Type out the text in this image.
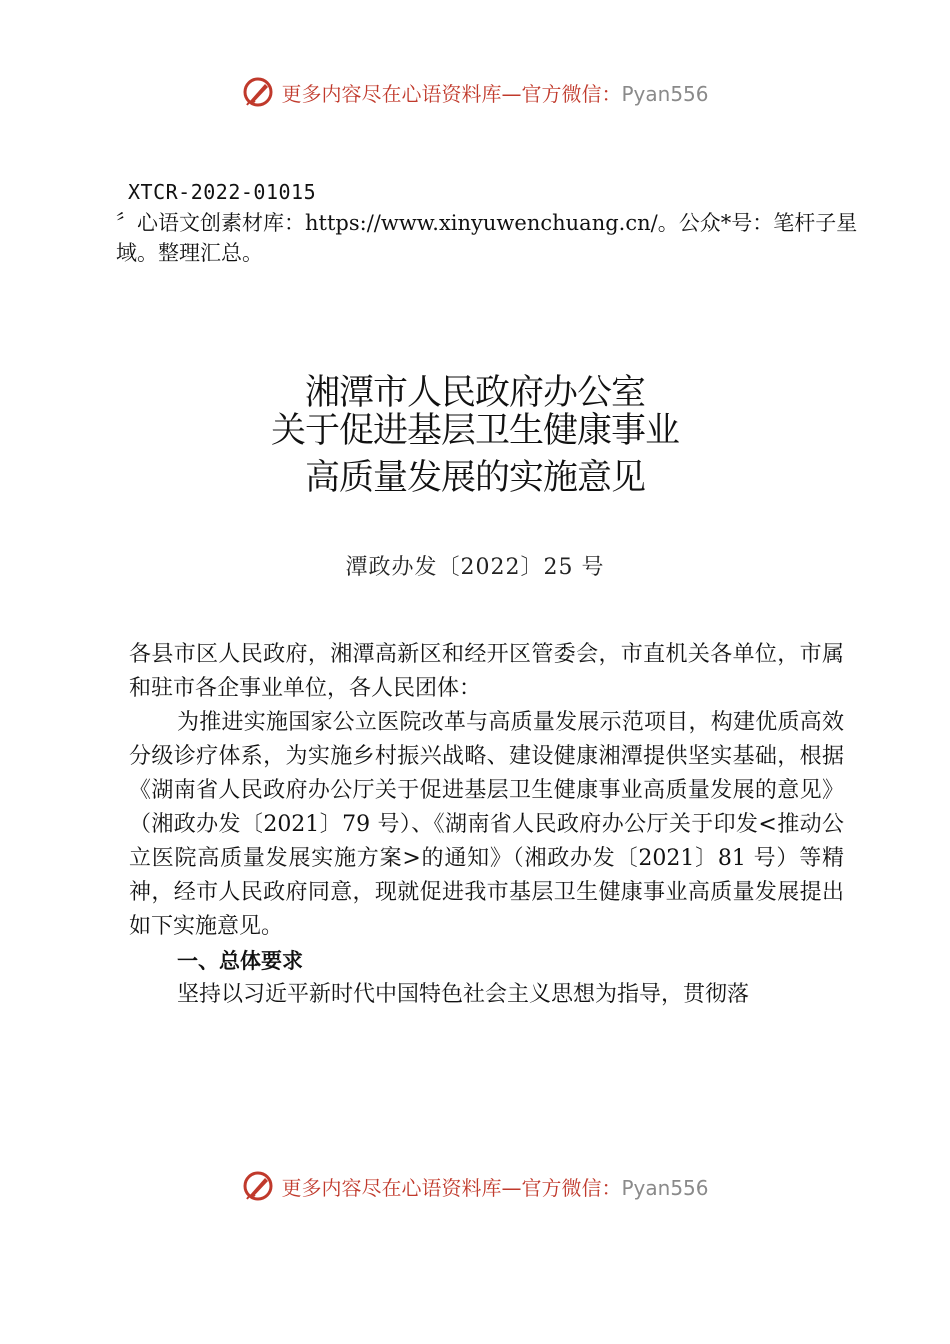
更多内容尽在心语资料库—官方微信：Pyan556
XTCR-2022-01015
〞心语文创素材库：https://www.xinyuwenchuang.cn/。公众*号：笔杆子星域。整理汇总。
湘潭市人民政府办公室
关于促进基层卫生健康事业
高质量发展的实施意见
潭政办发〔2022〕25 号

各县市区人民政府，湘潭高新区和经开区管委会，市直机关各单位，市属和驻市各企事业单位，各人民团体：

为推进实施国家公立医院改革与高质量发展示范项目，构建优质高效分级诊疗体系，为实施乡村振兴战略、建设健康湘潭提供坚实基础，根据《湖南省人民政府办公厅关于促进基层卫生健康事业高质量发展的意见》（湘政办发〔2021〕79 号）、《湖南省人民政府办公厅关于印发<推动公立医院高质量发展实施方案>的通知》（湘政办发〔2021〕81 号）等精神，经市人民政府同意，现就促进我市基层卫生健康事业高质量发展提出如下实施意见。

一、总体要求

坚持以习近平新时代中国特色社会主义思想为指导，贯彻落

更多内容尽在心语资料库—官方微信：Pyan556
